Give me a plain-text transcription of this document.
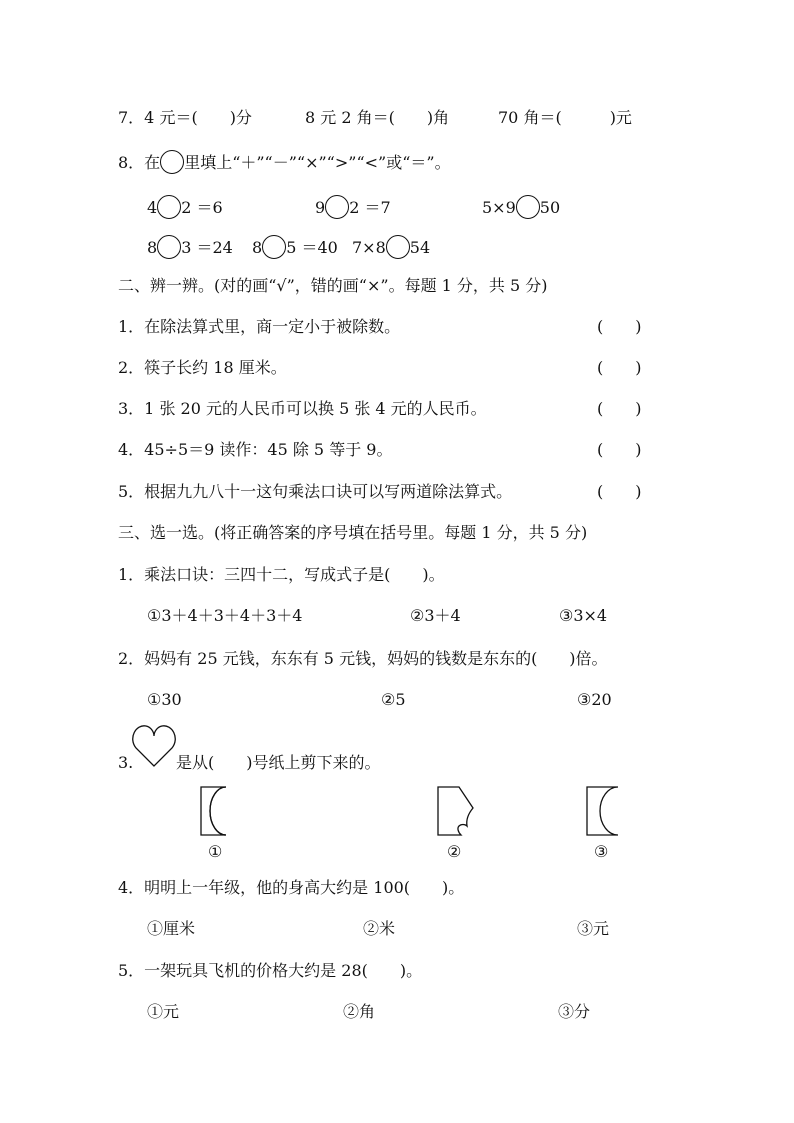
7．4 元＝(　　)分	8 元 2 角＝(　　)角	70 角＝(　　　)元
8．在 里填上“＋”“－”“×”“>”“<”或“＝”。
4 2 ＝6	9 2 ＝7	5×9 50
8 3 ＝24 8 5 ＝40 7×8 54
二、辨一辨。(对的画“√”，错的画“×”。每题 1 分，共 5 分)
1．在除法算式里，商一定小于被除数。	(　　)
2．筷子长约 18 厘米。	(　　)
3．1 张 20 元的人民币可以换 5 张 4 元的人民币。	(　　)
4．45÷5＝9 读作：45 除 5 等于 9。	(　　)
5．根据九九八十一这句乘法口诀可以写两道除法算式。	(　　)
三、选一选。(将正确答案的序号填在括号里。每题 1 分，共 5 分)
1．乘法口诀：三四十二，写成式子是(　　)。
①3＋4＋3＋4＋3＋4	②3＋4	③3×4
2．妈妈有 25 元钱，东东有 5 元钱，妈妈的钱数是东东的(　　)倍。
①30	②5	③20
3.	是从(　　)号纸上剪下来的。
①	②	③
4．明明上一年级，他的身高大约是 100(　　)。
①厘米	②米	③元
5．一架玩具飞机的价格大约是 28(　　)。
①元	②角	③分
